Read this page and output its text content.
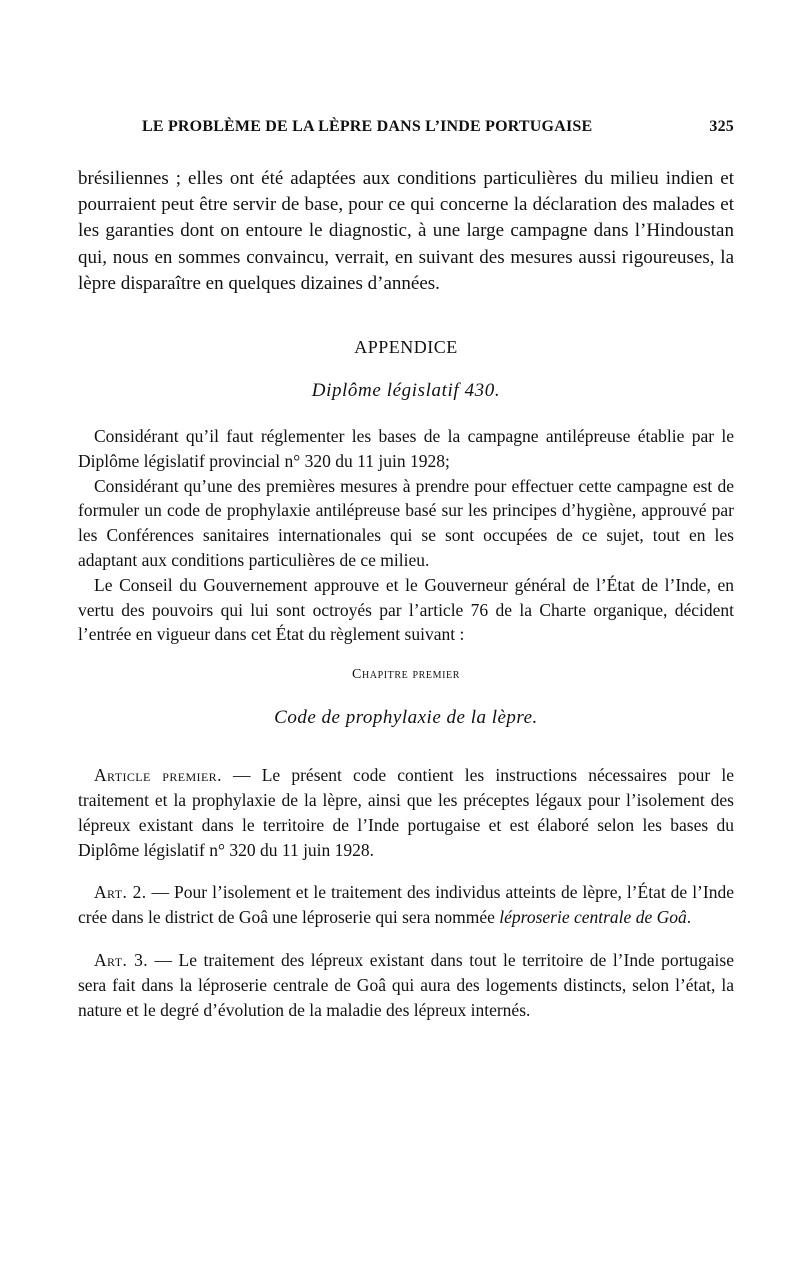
LE PROBLÈME DE LA LÈPRE DANS L’INDE PORTUGAISE	325

brésiliennes ; elles ont été adaptées aux conditions particulières du milieu indien et pourraient peut être servir de base, pour ce qui concerne la déclaration des malades et les garanties dont on entoure le diagnostic, à une large campagne dans l’Hindoustan qui, nous en sommes convaincu, verrait, en suivant des mesures aussi rigoureuses, la lèpre disparaître en quelques dizaines d’années.

APPENDICE
Diplôme législatif 430.

Considérant qu’il faut réglementer les bases de la campagne antilépreuse établie par le Diplôme législatif provincial n° 320 du 11 juin 1928;

Considérant qu’une des premières mesures à prendre pour effectuer cette campagne est de formuler un code de prophylaxie antilépreuse basé sur les principes d’hygiène, approuvé par les Conférences sanitaires internationales qui se sont occupées de ce sujet, tout en les adaptant aux conditions particulières de ce milieu.

Le Conseil du Gouvernement approuve et le Gouverneur général de l’État de l’Inde, en vertu des pouvoirs qui lui sont octroyés par l’article 76 de la Charte organique, décident l’entrée en vigueur dans cet État du règlement suivant :

Chapitre premier
Code de prophylaxie de la lèpre.

Article premier. — Le présent code contient les instructions nécessaires pour le traitement et la prophylaxie de la lèpre, ainsi que les préceptes légaux pour l’isolement des lépreux existant dans le territoire de l’Inde portugaise et est élaboré selon les bases du Diplôme législatif n° 320 du 11 juin 1928.

Art. 2. — Pour l’isolement et le traitement des individus atteints de lèpre, l’État de l’Inde crée dans le district de Goâ une léproserie qui sera nommée léproserie centrale de Goâ.

Art. 3. — Le traitement des lépreux existant dans tout le territoire de l’Inde portugaise sera fait dans la léproserie centrale de Goâ qui aura des logements distincts, selon l’état, la nature et le degré d’évolution de la maladie des lépreux internés.
